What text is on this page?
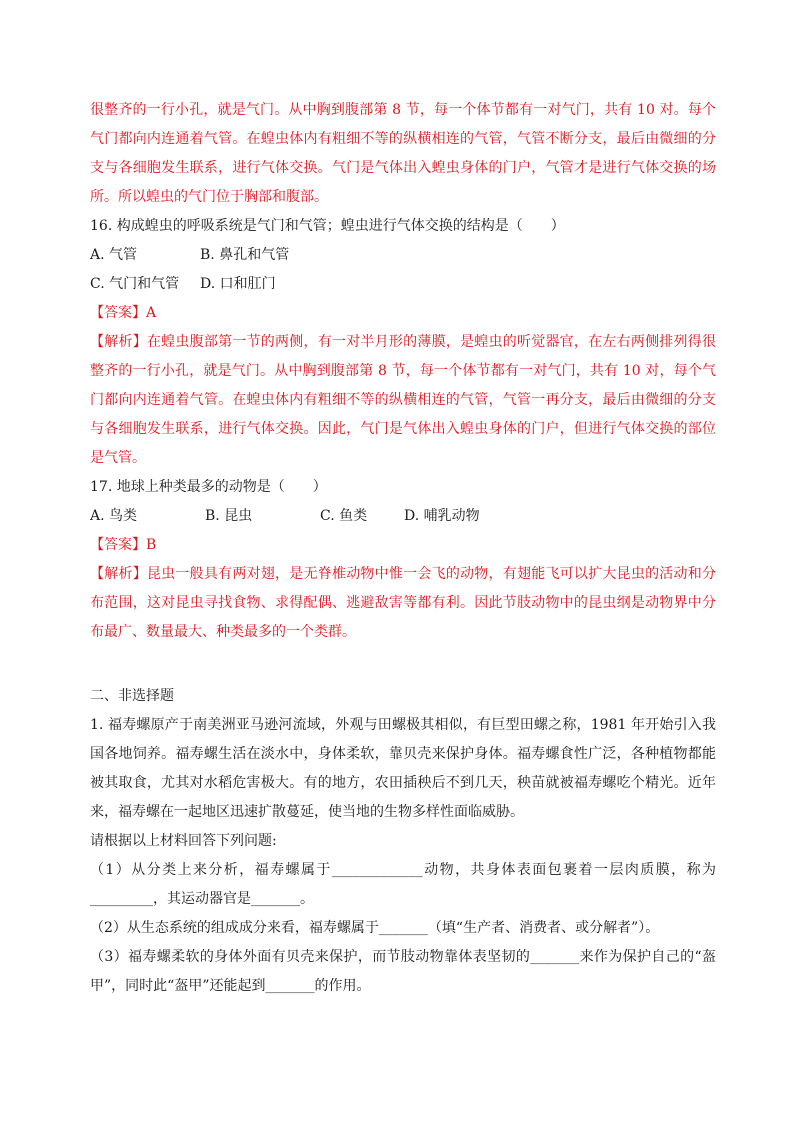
很整齐的一行小孔，就是气门。从中胸到腹部第 8 节，每一个体节都有一对气门，共有 10 对。每个气门都向内连通着气管。在蝗虫体内有粗细不等的纵横相连的气管，气管不断分支，最后由微细的分支与各细胞发生联系，进行气体交换。气门是气体出入蝗虫身体的门户，气管才是进行气体交换的场所。所以蝗虫的气门位于胸部和腹部。

16. 构成蝗虫的呼吸系统是气门和气管；蝗虫进行气体交换的结构是（　　）

A. 气管	B. 鼻孔和气管
C. 气门和气管 D. 口和肛门

【答案】A

【解析】在蝗虫腹部第一节的两侧，有一对半月形的薄膜，是蝗虫的听觉器官，在左右两侧排列得很整齐的一行小孔，就是气门。从中胸到腹部第 8 节，每一个体节都有一对气门，共有 10 对，每个气门都向内连通着气管。在蝗虫体内有粗细不等的纵横相连的气管，气管一再分支，最后由微细的分支与各细胞发生联系，进行气体交换。因此，气门是气体出入蝗虫身体的门户，但进行气体交换的部位是气管。

17. 地球上种类最多的动物是（　　）

A. 鸟类	B. 昆虫	C. 鱼类	D. 哺乳动物

【答案】B

【解析】昆虫一般具有两对翅，是无脊椎动物中惟一会飞的动物，有翅能飞可以扩大昆虫的活动和分布范围，这对昆虫寻找食物、求得配偶、逃避敌害等都有利。因此节肢动物中的昆虫纲是动物界中分布最广、数量最大、种类最多的一个类群。

二、非选择题

1. 福寿螺原产于南美洲亚马逊河流域，外观与田螺极其相似，有巨型田螺之称，1981 年开始引入我国各地饲养。福寿螺生活在淡水中，身体柔软，靠贝壳来保护身体。福寿螺食性广泛，各种植物都能被其取食，尤其对水稻危害极大。有的地方，农田插秧后不到几天，秧苗就被福寿螺吃个精光。近年来，福寿螺在一起地区迅速扩散蔓延，使当地的生物多样性面临威胁。

请根据以上材料回答下列问题:

（1）从分类上来分析，福寿螺属于_____________动物，共身体表面包裹着一层肉质膜，称为_________，其运动器官是_______。

（2）从生态系统的组成成分来看，福寿螺属于_______（填“生产者、消费者、或分解者”）。

（3）福寿螺柔软的身体外面有贝壳来保护，而节肢动物靠体表坚韧的_______来作为保护自己的“盔甲”，同时此“盔甲”还能起到_______的作用。
